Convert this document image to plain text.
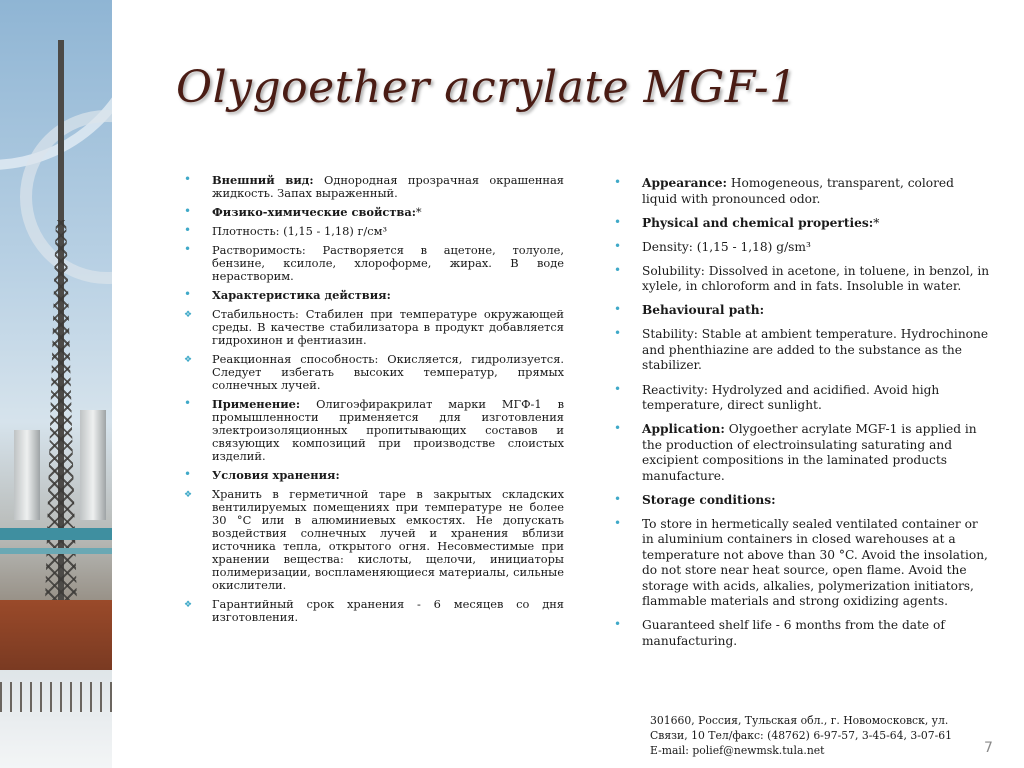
Olygoether acrylate MGF-1
• Внешний вид: Однородная прозрачная окрашенная жидкость. Запах выраженный.
• Физико-химические свойства:*
• Плотность: (1,15 - 1,18) г/см³
• Растворимость: Растворяется в ацетоне, толуоле, бензине, ксилоле, хлороформе, жирах. В воде нерастворим.
• Характеристика действия:
❖ Стабильность: Стабилен при температуре окружающей среды. В качестве стабилизатора в продукт добавляется гидрохинон и фентиазин.
❖ Реакционная способность: Окисляется, гидролизуется. Следует избегать высоких температур, прямых солнечных лучей.
• Применение: Олигоэфиракрилат марки МГФ-1 в промышленности применяется для изготовления электроизоляционных пропитывающих составов и связующих композиций при производстве слоистых изделий.
• Условия хранения:
❖ Хранить в герметичной таре в закрытых складских вентилируемых помещениях при температуре не более 30 °С или в алюминиевых емкостях. Не допускать воздействия солнечных лучей и хранения вблизи источника тепла, открытого огня. Несовместимые при хранении вещества: кислоты, щелочи, инициаторы полимеризации, воспламеняющиеся материалы, сильные окислители.
❖ Гарантийный срок хранения - 6 месяцев со дня изготовления.
• Appearance: Homogeneous, transparent, colored liquid with pronounced odor.
• Physical and chemical properties:*
• Density: (1,15 - 1,18) g/sm³
• Solubility: Dissolved in acetone, in toluene, in benzol, in xylele, in chloroform and in fats. Insoluble in water.
• Behavioural path:
• Stability: Stable at ambient temperature. Hydrochinone and phenthiazine are added to the substance as the stabilizer.
• Reactivity: Hydrolyzed and acidified. Avoid high temperature, direct sunlight.
• Application: Olygoether acrylate MGF-1 is applied in the production of electroinsulating saturating and excipient compositions in the laminated products manufacture.
• Storage conditions:
• To store in hermetically sealed ventilated container or in aluminium containers in closed warehouses at a temperature not above than 30 °C. Avoid the insolation, do not store near heat source, open flame. Avoid the storage with acids, alkalies, polymerization initiators, flammable materials and strong oxidizing agents.
• Guaranteed shelf life - 6 months from the date of manufacturing.
301660, Россия, Тульская обл., г. Новомосковск, ул.
Связи, 10 Тел/факс: (48762) 6-97-57, 3-45-64, 3-07-61
E-mail: polief@newmsk.tula.net	7
